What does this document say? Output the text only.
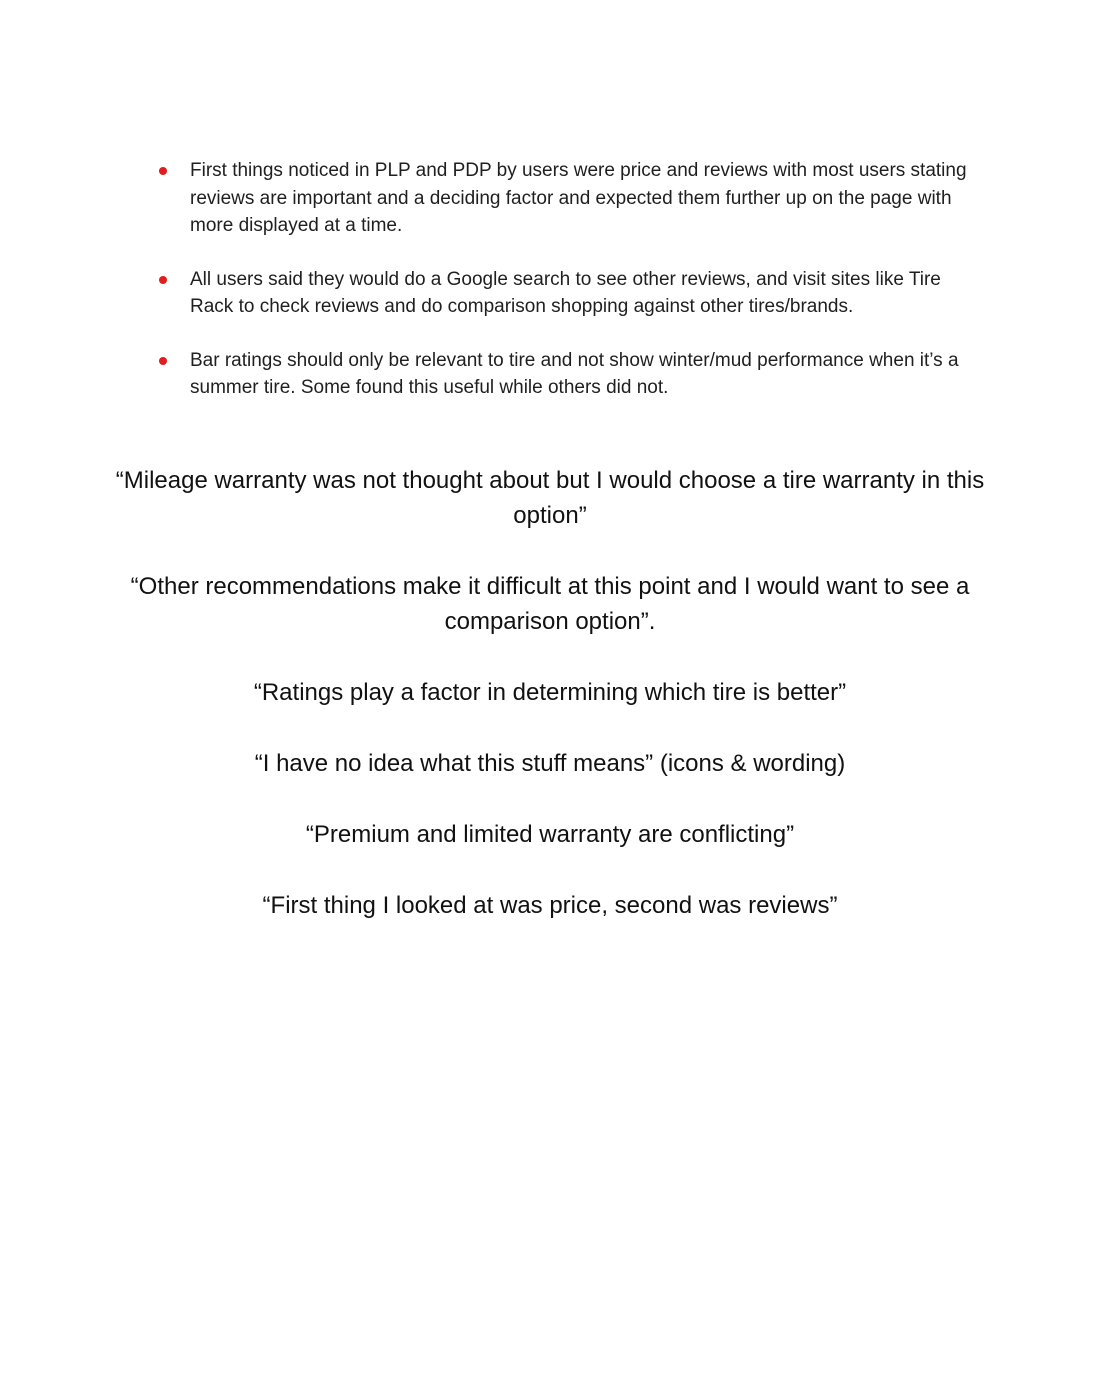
First things noticed in PLP and PDP by users were price and reviews with most users stating reviews are important and a deciding factor and expected them further up on the page with more displayed at a time.
All users said they would do a Google search to see other reviews, and visit sites like Tire Rack to check reviews and do comparison shopping against other tires/brands.
Bar ratings should only be relevant to tire and not show winter/mud performance when it’s a summer tire. Some found this useful while others did not.

“Mileage warranty was not thought about but I would choose a tire warranty in this option”

“Other recommendations make it difficult at this point and I would want to see a comparison option”.

“Ratings play a factor in determining which tire is better”

“I have no idea what this stuff means” (icons & wording)

“Premium and limited warranty are conflicting”

“First thing I looked at was price, second was reviews”
